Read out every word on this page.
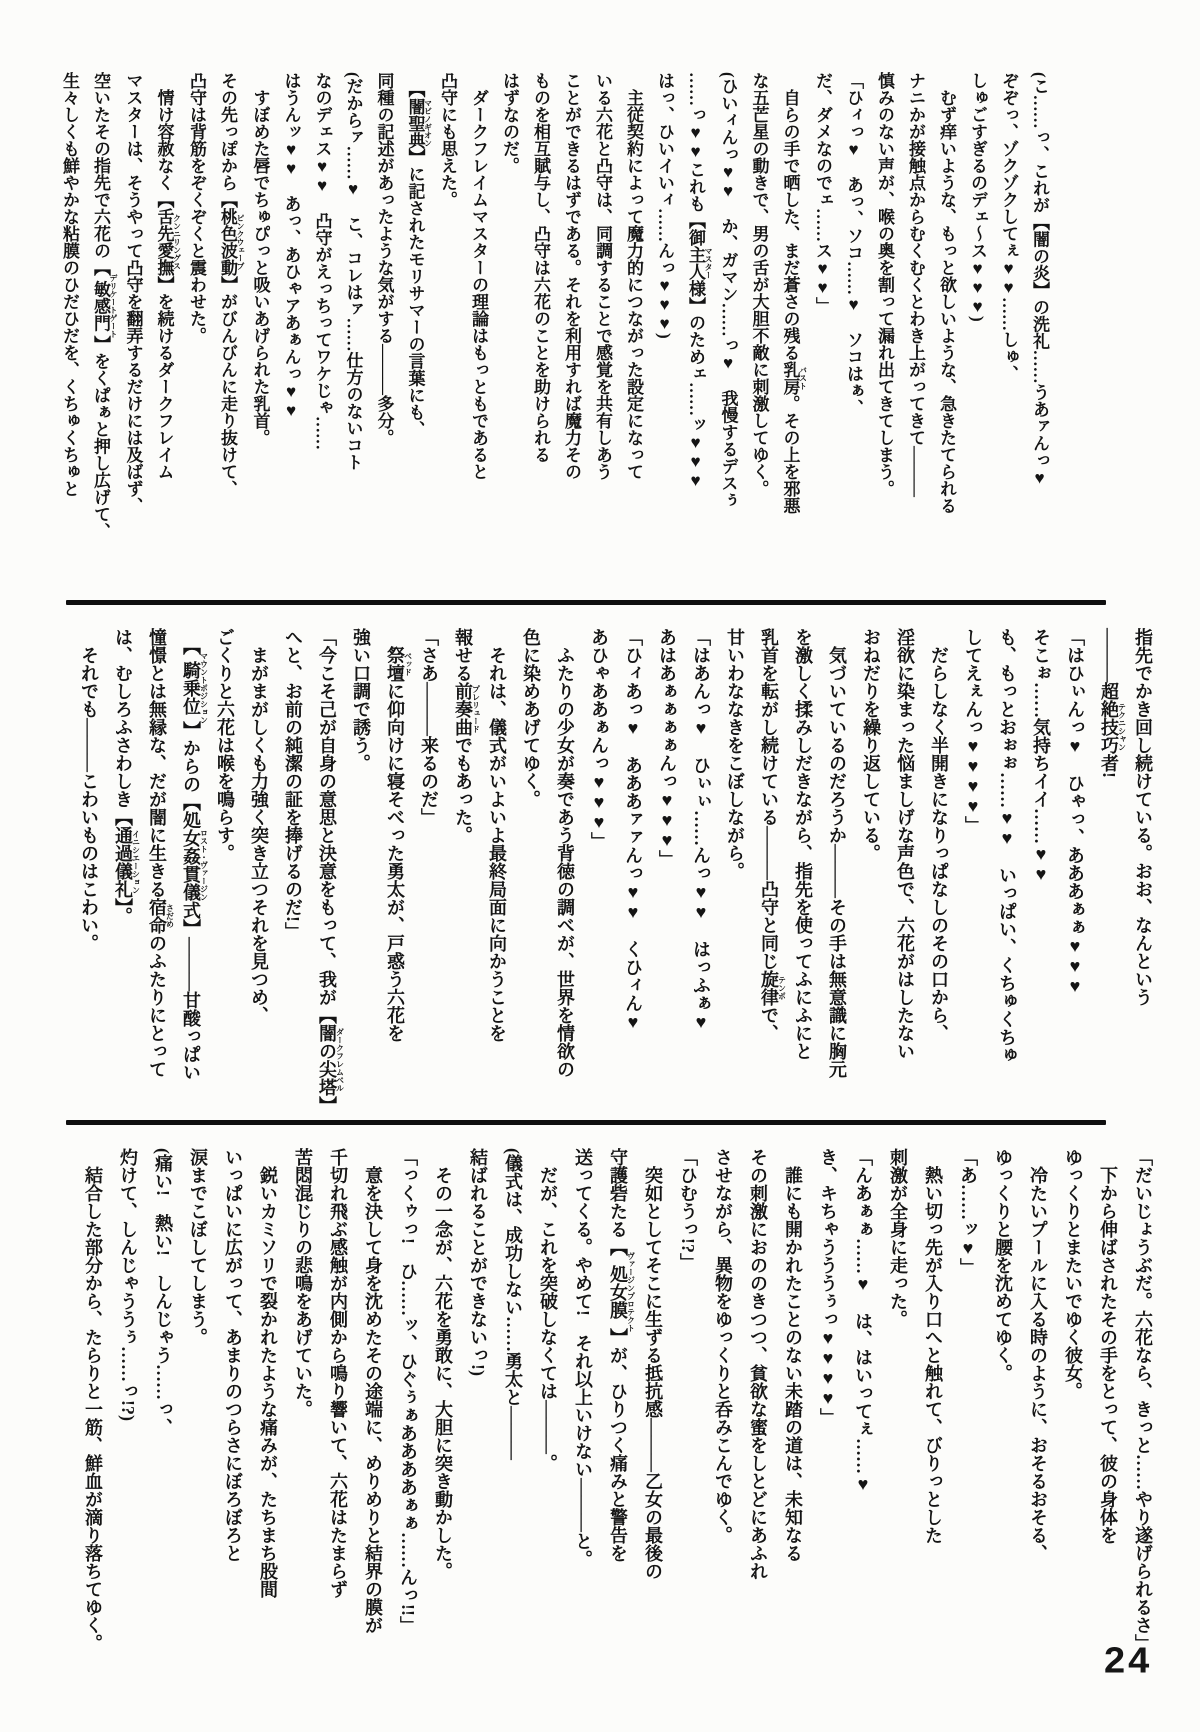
(こ……っ、これが【闇の炎】の洗礼……うあァんっ♥
ぞぞっ、ゾクゾクしてぇ♥♥……しゅ、
しゅごすぎるのデェ〜ス♥♥♥)
　むず痒いような、もっと欲しいような、急きたてられる
ナニかが接触点からむくむくとわき上がってきて―――
慎みのない声が、喉の奥を割って漏れ出てきてしまう。
「ひィっ♥　あっ、ソコ……♥　ソコはぁ、
だ、ダメなのでェ……ス♥♥」
　自らの手で晒した、まだ蒼さの残る乳房 バスト。その上を邪悪
な五芒星の動きで、男の舌が大胆不敵に刺激してゆく。
(ひいィんっ♥♥　か、ガマン……っ♥　我慢するデスぅ
……っ♥♥これも【御主人様 マスター】のためェ……ッ♥♥♥
はっ、ひいイいィ……んっ♥♥♥)
　主従契約によって魔力的につながった設定になって
いる六花と凸守は、同調することで感覚を共有しあう
ことができるはずである。それを利用すれば魔力その
ものを相互賦与し、凸守は六花のことを助けられる
はずなのだ。
　ダークフレイムマスターの理論はもっともであると
凸守にも思えた。
　【闇聖典 マビノギオン】に記されたモリサマーの言葉にも、
同種の記述があったような気がする―――多分。
(だからァ……♥　こ、コレはァ……仕方のないコト
なのデェス♥♥　凸守がえっちってワケじゃ……
はうんッ♥♥　あっ、あひゃアあぁんっ♥♥
　すぼめた唇でちゅぴっと吸いあげられた乳首。
その先っぽから【桃色波動 ピンクウェーブ】がびんびんに走り抜けて、
凸守は背筋をぞくぞくと震わせた。
　情け容赦なく【舌先愛撫 クンニリングス】を続けるダークフレイム
マスターは、そうやって凸守を翻弄するだけには及ばず、
空いたその指先で六花の【敏感門 デリケートゲート】をくぱぁと押し広げて、
生々しくも鮮やかな粘膜のひだひだを、くちゅくちゅと
指先でかき回し続けている。おお、なんという
―――超絶技巧者テクニシャン!
「はひぃんっ♥　ひゃっ、あああぁぁ♥♥♥
そこぉ……気持ちイイ……♥♥
も、もっとおぉぉ……♥♥　いっぱい、くちゅくちゅ
してえぇんっ♥♥♥♥」
　だらしなく半開きになりっぱなしのその口から、
淫欲に染まった悩ましげな声色で、六花がはしたない
おねだりを繰り返している。
　気づいているのだろうか―――その手は無意識に胸元
を激しく揉みしだきながら、指先を使ってふにふにと
乳首を転がし続けている―――凸守と同じ旋律テンポで、
甘いわななきをこぼしながら。
「はあんっ♥　ひぃぃ……んっ♥♥　はっふぁ♥
あはあぁぁぁぁんっ♥♥♥」
「ひィあっ♥　あああァァんっ♥♥　くひィん♥
あひゃああぁんっ♥♥♥」
　ふたりの少女が奏であう背徳の調べが、世界を情欲の
色に染めあげてゆく。
　それは、儀式がいよいよ最終局面に向かうことを
報せる前奏曲プレリュードでもあった。
「さあ―――来るのだ」
　祭壇ベッドに仰向けに寝そべった勇太が、戸惑う六花を
強い口調で誘う。
「今こそ己が自身の意思と決意をもって、我が【闇の尖塔ダークフレムベル】
へと、お前の純潔の証を捧げるのだ!」
　まがまがしくも力強く突き立つそれを見つめ、
ごくりと六花は喉を鳴らす。
　【騎乗位マウントポジション】からの【処女姦貫儀式ロスト・ヴァージン】―――甘酸っぱい
憧憬とは無縁な、だが闇に生きる宿命さだめのふたりにとって
は、むしろふさわしき【通過儀礼イニシエーション】。
　それでも―――こわいものはこわい。
「だいじょうぶだ。六花なら、きっと……やり遂げられるさ」
　下から伸ばされたその手をとって、彼の身体を
ゆっくりとまたいでゆく彼女。
　冷たいプールに入る時のように、おそるおそる、
ゆっくりと腰を沈めてゆく。
「あ……ッ♥」
　熱い切っ先が入り口へと触れて、びりっとした
刺激が全身に走った。
「んあぁぁ……♥　は、はいってぇ……♥
き、キちゃうううぅっ♥♥♥♥」
　誰にも開かれたことのない未踏の道は、未知なる
その刺激におののきつつ、貧欲な蜜をしとどにあふれ
させながら、異物をゆっくりと呑みこんでゆく。
「ひむうっ!?」
　突如としてそこに生ずる抵抗感―――乙女の最後の
守護砦たる【処女膜ヴァージンプロテクト】が、ひりつく痛みと警告を
送ってくる。やめて!　それ以上いけない―――と。
　だが、これを突破しなくては―――。
(儀式は、成功しない……勇太と―――
結ばれることができないっ!)
　その一念が、六花を勇敢に、大胆に突き動かした。
「っくゥっ!　ひ……ッ、ひぐぅぁああああぁぁ……んっ!!」
　意を決して身を沈めたその途端に、めりめりと結界の膜が
千切れ飛ぶ感触が内側から鳴り響いて、六花はたまらず
苦悶混じりの悲鳴をあげていた。
　鋭いカミソリで裂かれたような痛みが、たちまち股間
いっぱいに広がって、あまりのつらさにぼろぼろと
涙までこぼしてしまう。
(痛い!　熱い!　しんじゃう……っ、
灼けて、しんじゃううぅ……っ!?)
　結合した部分から、たらりと一筋、鮮血が滴り落ちてゆく。
24
